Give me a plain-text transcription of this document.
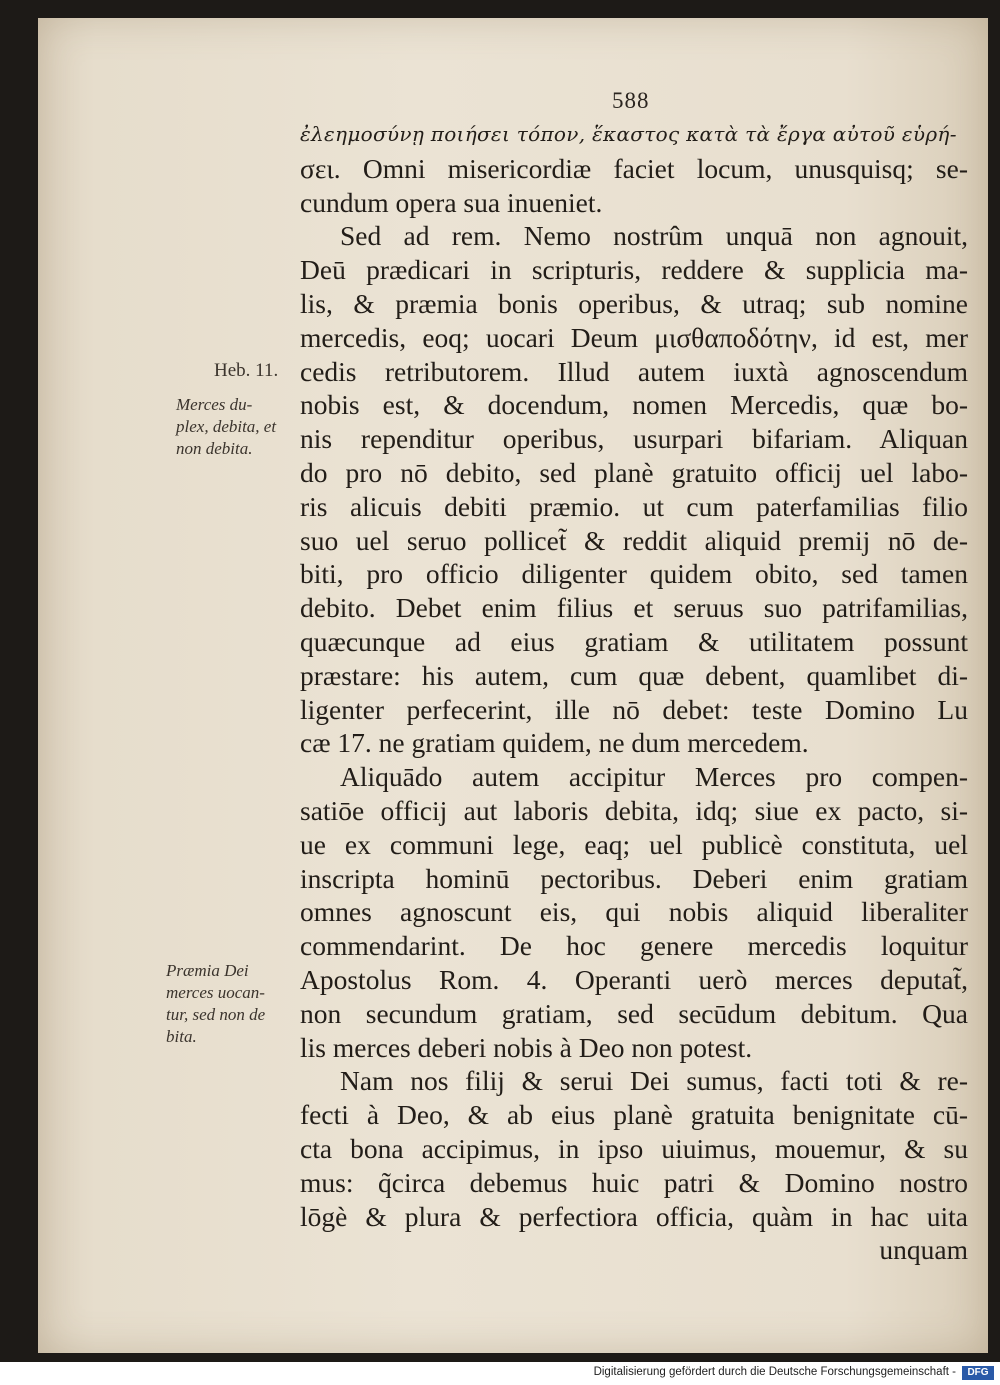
588
ἐλεημοσύνῃ ποιήσει τόπον, ἕκαστος κατὰ τὰ ἔργα αὐτοῦ εὑρή-
σει. Omni misericordiæ faciet locum, unusquisq; se-
cundum opera sua inueniet.
Sed ad rem. Nemo nostrûm unquā non agnouit,
Deū prædicari in scripturis, reddere & supplicia ma-
lis, & præmia bonis operibus, & utraq; sub nomine
mercedis, eoq; uocari Deum μισθαποδότην, id est, mer
cedis retributorem. Illud autem iuxtà agnoscendum
nobis est, & docendum, nomen Mercedis, quæ bo-
nis rependitur operibus, usurpari bifariam. Aliquan
do pro nō debito, sed planè gratuito officij uel labo-
ris alicuis debiti præmio. ut cum paterfamilias filio
suo uel seruo pollicet̃ & reddit aliquid premij nō de-
biti, pro officio diligenter quidem obito, sed tamen
debito. Debet enim filius et seruus suo patrifamilias,
quæcunque ad eius gratiam & utilitatem possunt
præstare: his autem, cum quæ debent, quamlibet di-
ligenter perfecerint, ille nō debet: teste Domino Lu
cæ 17. ne gratiam quidem, ne dum mercedem.
Aliquādo autem accipitur Merces pro compen-
satiōe officij aut laboris debita, idq; siue ex pacto, si-
ue ex communi lege, eaq; uel publicè constituta, uel
inscripta hominū pectoribus. Deberi enim gratiam
omnes agnoscunt eis, qui nobis aliquid liberaliter
commendarint. De hoc genere mercedis loquitur
Apostolus Rom. 4. Operanti uerò merces deputat̃,
non secundum gratiam, sed secūdum debitum. Qua
lis merces deberi nobis à Deo non potest.
Nam nos filij & serui Dei sumus, facti toti & re-
fecti à Deo, & ab eius planè gratuita benignitate cū-
cta bona accipimus, in ipso uiuimus, mouemur, & su
mus: q̃circa debemus huic patri & Domino nostro
lōgè & plura & perfectiora officia, quàm in hac uita
unquam
Heb. 11.
Merces du-
plex, debita, et
non debita.
Præmia Dei
merces uocan-
tur, sed non de
bita.
Digitalisierung gefördert durch die Deutsche Forschungsgemeinschaft -	DFG
